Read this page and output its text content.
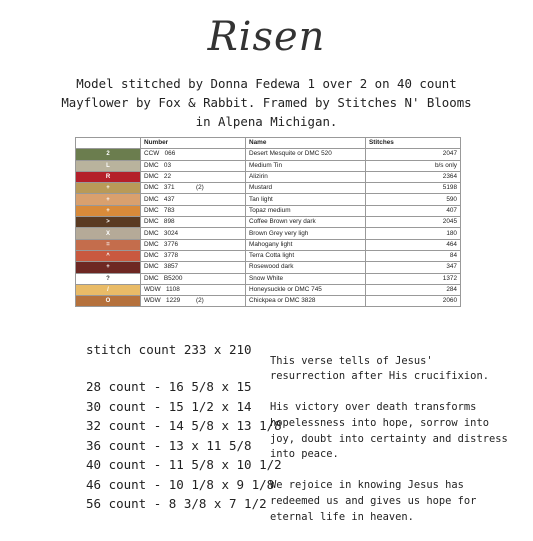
Risen
Model stitched by Donna Fedewa 1 over 2 on 40 count
Mayflower by Fox & Rabbit. Framed by Stitches N' Blooms
in Alpena Michigan.
	Number	Name	Stitches
2	CCW 066	Desert Mesquite or DMC 520	2047
L	DMC 03	Medium Tin	b/s only
R	DMC 22	Alizirin	2364
+	DMC 371 (2)	Mustard	5198
+	DMC 437	Tan light	590
+	DMC 783	Topaz medium	407
>	DMC 898	Coffee Brown very dark	2045
X	DMC 3024	Brown Grey very ligh	180
=	DMC 3776	Mahogany light	464
^	DMC 3778	Terra Cotta light	84
+	DMC 3857	Rosewood dark	347
?	DMC B5200	Snow White	1372
/	WDW 1108	Honeysuckle or DMC 745	284
O	WDW 1229 (2)	Chickpea or DMC 3828	2060
stitch count 233 x 210
28 count - 16 5/8 x 15
30 count - 15 1/2 x 14
32 count - 14 5/8 x 13 1/8
36 count - 13 x 11 5/8
40 count - 11 5/8 x 10 1/2
46 count - 10 1/8 x 9 1/8
56 count - 8 3/8 x 7 1/2

This verse tells of Jesus'
resurrection after His crucifixion.

His victory over death transforms
hopelessness into hope, sorrow into
joy, doubt into certainty and distress
into peace.

We rejoice in knowing Jesus has
redeemed us and gives us hope for
eternal life in heaven.
